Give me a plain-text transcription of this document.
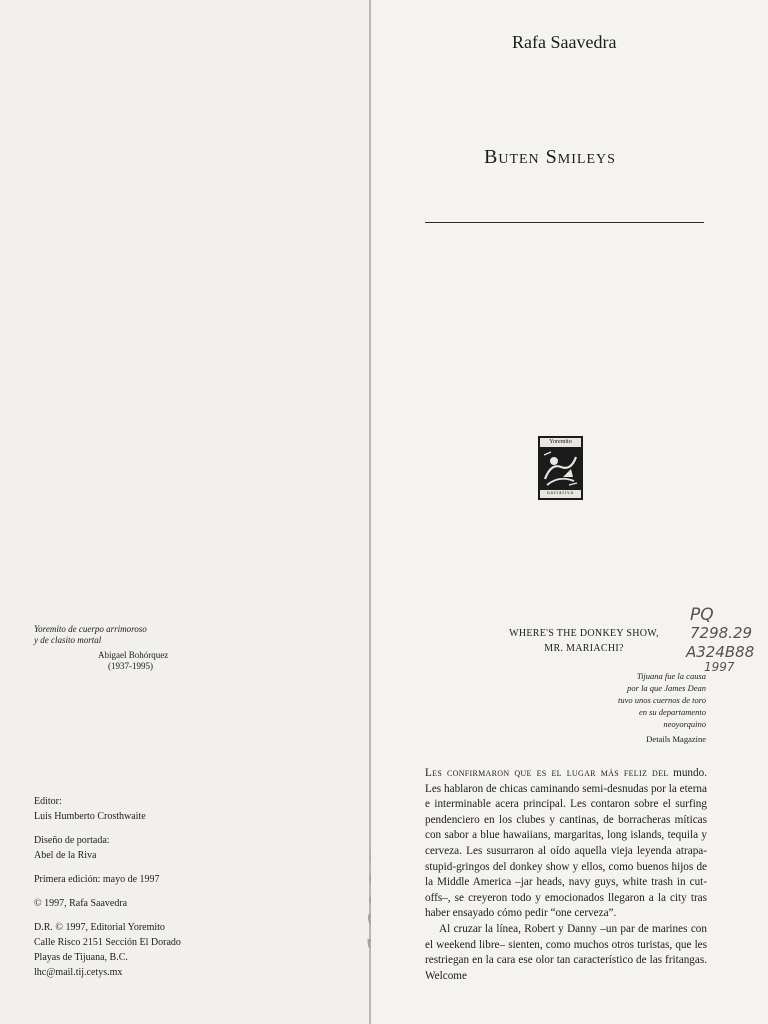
Yoremito de cuerpo arrimoroso
y de clasito mortal
Abigael Bohórquez
(1937-1995)
Editor:
Luis Humberto Crosthwaite
Diseño de portada:
Abel de la Riva
Primera edición: mayo de 1997
© 1997, Rafa Saavedra
D.R. © 1997, Editorial Yoremito
Calle Risco 2151 Sección El Dorado
Playas de Tijuana, B.C.
lhc@mail.tij.cetys.mx
Rafa Saavedra
Buten Smileys
Yoremito
narrativa
WHERE'S THE DONKEY SHOW,
MR. MARIACHI?
PQ
7298.29
A324B88
1997
Tijuana fue la causa
por la que James Dean
tuvo unos cuernos de toro
en su departamento
neoyorquino
Details Magazine

Les confirmaron que es el lugar más feliz del mundo. Les hablaron de chicas caminando semi-desnudas por la eterna e interminable acera principal. Les contaron sobre el surfing pendenciero en los clubes y cantinas, de borracheras míticas con sabor a blue hawaiians, margaritas, long islands, tequila y cerveza. Les susurraron al oído aquella vieja leyenda atrapa-stupid-gringos del donkey show y ellos, como buenos hijos de la Middle America –jar heads, navy guys, white trash in cut-offs–, se creyeron todo y emocionados llegaron a la city tras haber ensayado cómo pedir “one cerveza”.

Al cruzar la línea, Robert y Danny –un par de marines con el weekend libre– sienten, como muchos otros turistas, que les restriegan en la cara ese olor tan característico de las fritangas. Welcome
